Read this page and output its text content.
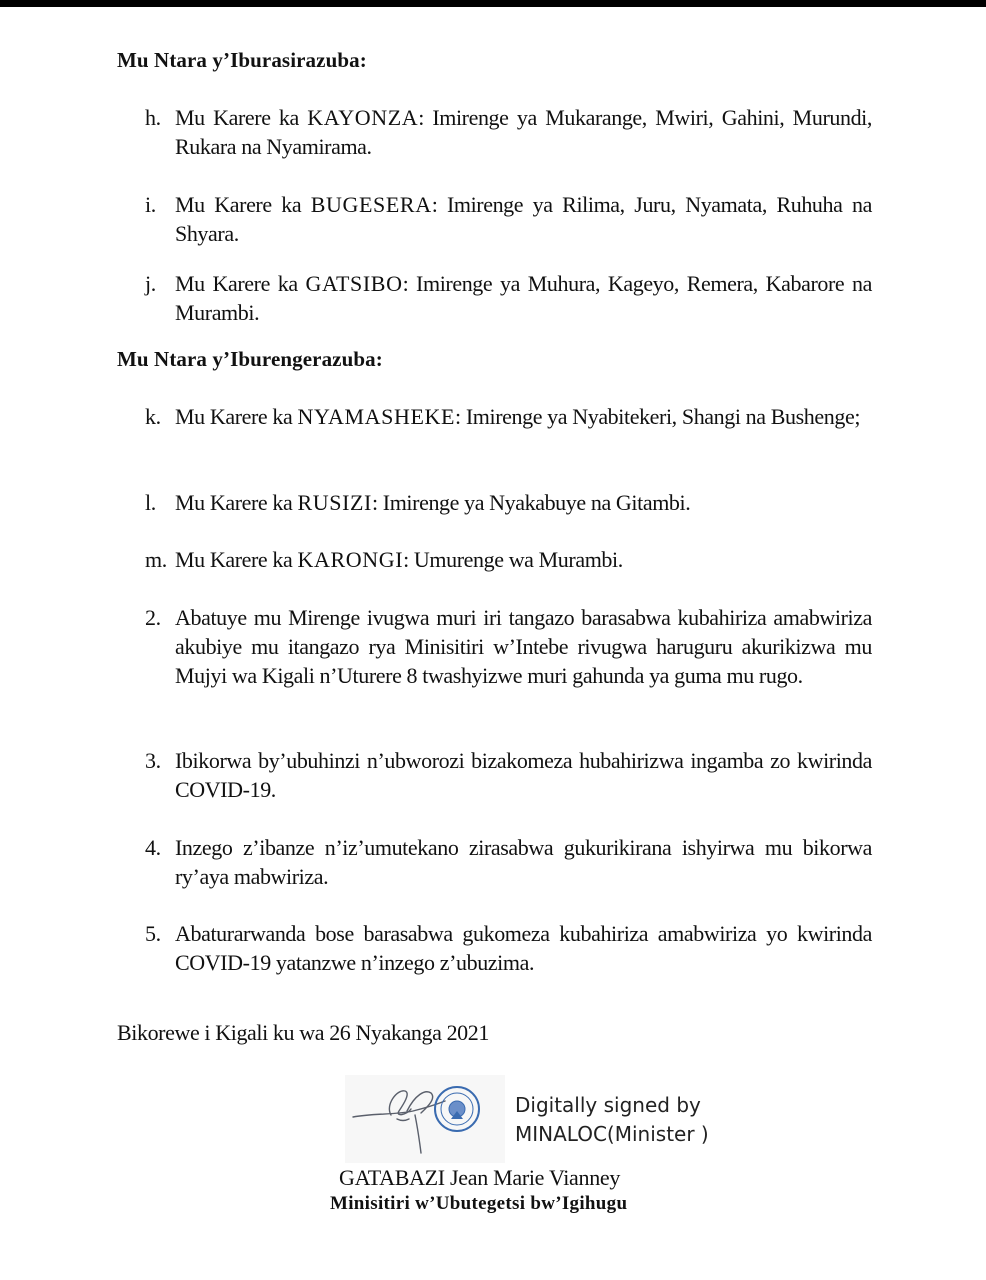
Mu Ntara y’Iburasirazuba:
h. Mu Karere ka KAYONZA: Imirenge ya Mukarange, Mwiri, Gahini, Murundi, Rukara na Nyamirama.
i. Mu Karere ka BUGESERA: Imirenge ya Rilima, Juru, Nyamata, Ruhuha na Shyara.
j. Mu Karere ka GATSIBO: Imirenge ya Muhura, Kageyo, Remera, Kabarore na Murambi.
Mu Ntara y’Iburengerazuba:
k. Mu Karere ka NYAMASHEKE: Imirenge ya Nyabitekeri, Shangi na Bushenge;
l. Mu Karere ka RUSIZI: Imirenge ya Nyakabuye na Gitambi.
m. Mu Karere ka KARONGI: Umurenge wa Murambi.
2. Abatuye mu Mirenge ivugwa muri iri tangazo barasabwa kubahiriza amabwiriza akubiye mu itangazo rya Minisitiri w’Intebe rivugwa haruguru akurikizwa mu Mujyi wa Kigali n’Uturere 8 twashyizwe muri gahunda ya guma mu rugo.
3. Ibikorwa by’ubuhinzi n’ubworozi bizakomeza hubahirizwa ingamba zo kwirinda COVID-19.
4. Inzego z’ibanze n’iz’umutekano zirasabwa gukurikirana ishyirwa mu bikorwa ry’aya mabwiriza.
5. Abaturarwanda bose barasabwa gukomeza kubahiriza amabwiriza yo kwirinda COVID-19 yatanzwe n’inzego z’ubuzima.
Bikorewe i Kigali ku wa 26 Nyakanga 2021
Digitally signed by
MINALOC(Minister )
GATABAZI Jean Marie Vianney
Minisitiri w’Ubutegetsi bw’Igihugu
